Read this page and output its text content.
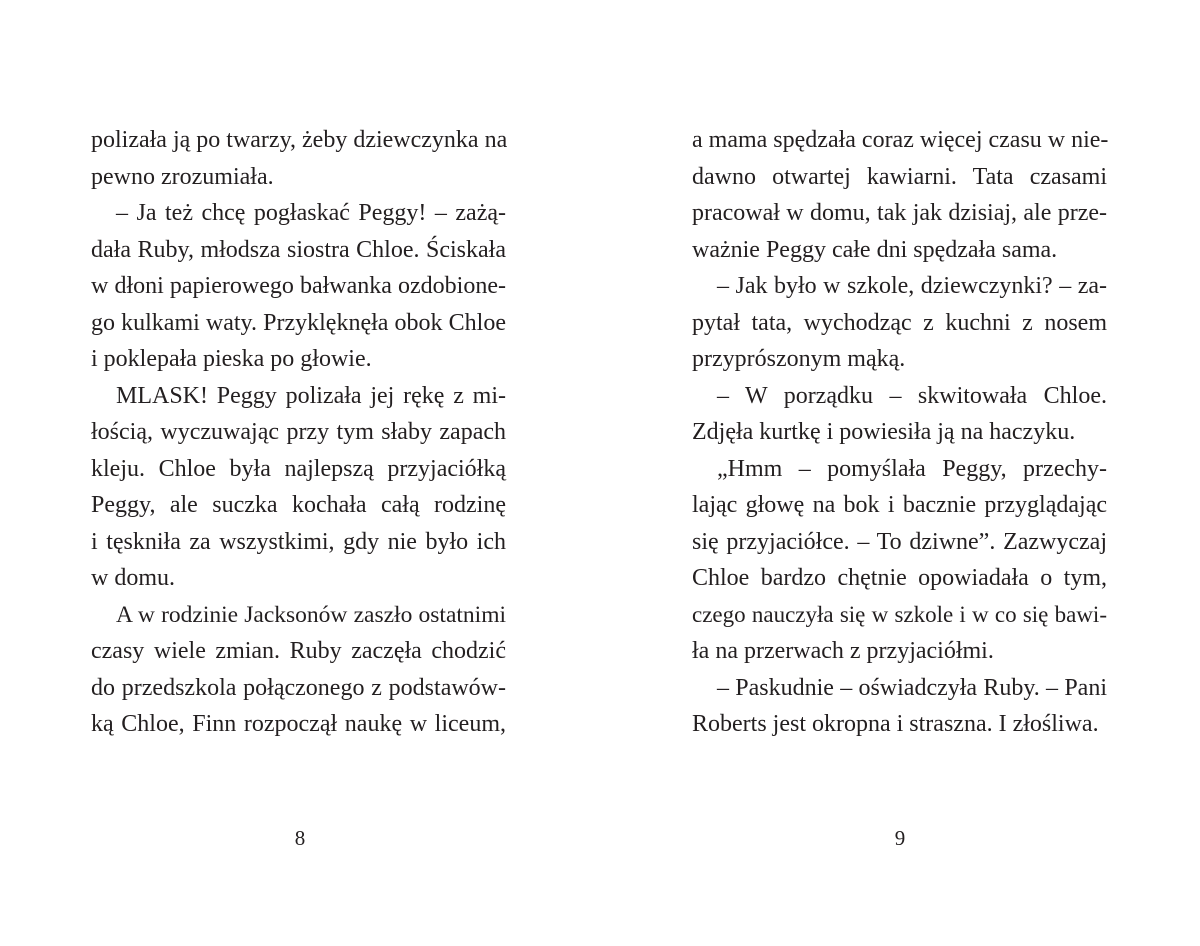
polizała ją po twarzy, żeby dziewczynka na
pewno zrozumiała.
– Ja też chcę pogłaskać Peggy! – zażą-
dała Ruby, młodsza siostra Chloe. Ściskała
w dłoni papierowego bałwanka ozdobione-
go kulkami waty. Przyklęknęła obok Chloe
i poklepała pieska po głowie.
MLASK! Peggy polizała jej rękę z mi-
łością, wyczuwając przy tym słaby zapach
kleju. Chloe była najlepszą przyjaciółką
Peggy, ale suczka kochała całą rodzinę
i tęskniła za wszystkimi, gdy nie było ich
w domu.
A w rodzinie Jacksonów zaszło ostatnimi
czasy wiele zmian. Ruby zaczęła chodzić
do przedszkola połączonego z podstawów-
ką Chloe, Finn rozpoczął naukę w liceum,
a mama spędzała coraz więcej czasu w nie-
dawno otwartej kawiarni. Tata czasami
pracował w domu, tak jak dzisiaj, ale prze-
ważnie Peggy całe dni spędzała sama.
– Jak było w szkole, dziewczynki? – za-
pytał tata, wychodząc z kuchni z nosem
przyprószonym mąką.
– W porządku – skwitowała Chloe.
Zdjęła kurtkę i powiesiła ją na haczyku.
„Hmm – pomyślała Peggy, przechy-
lając głowę na bok i bacznie przyglądając
się przyjaciółce. – To dziwne”. Zazwyczaj
Chloe bardzo chętnie opowiadała o tym,
czego nauczyła się w szkole i w co się bawi-
ła na przerwach z przyjaciółmi.
– Paskudnie – oświadczyła Ruby. – Pani
Roberts jest okropna i straszna. I złośliwa.
8	9
